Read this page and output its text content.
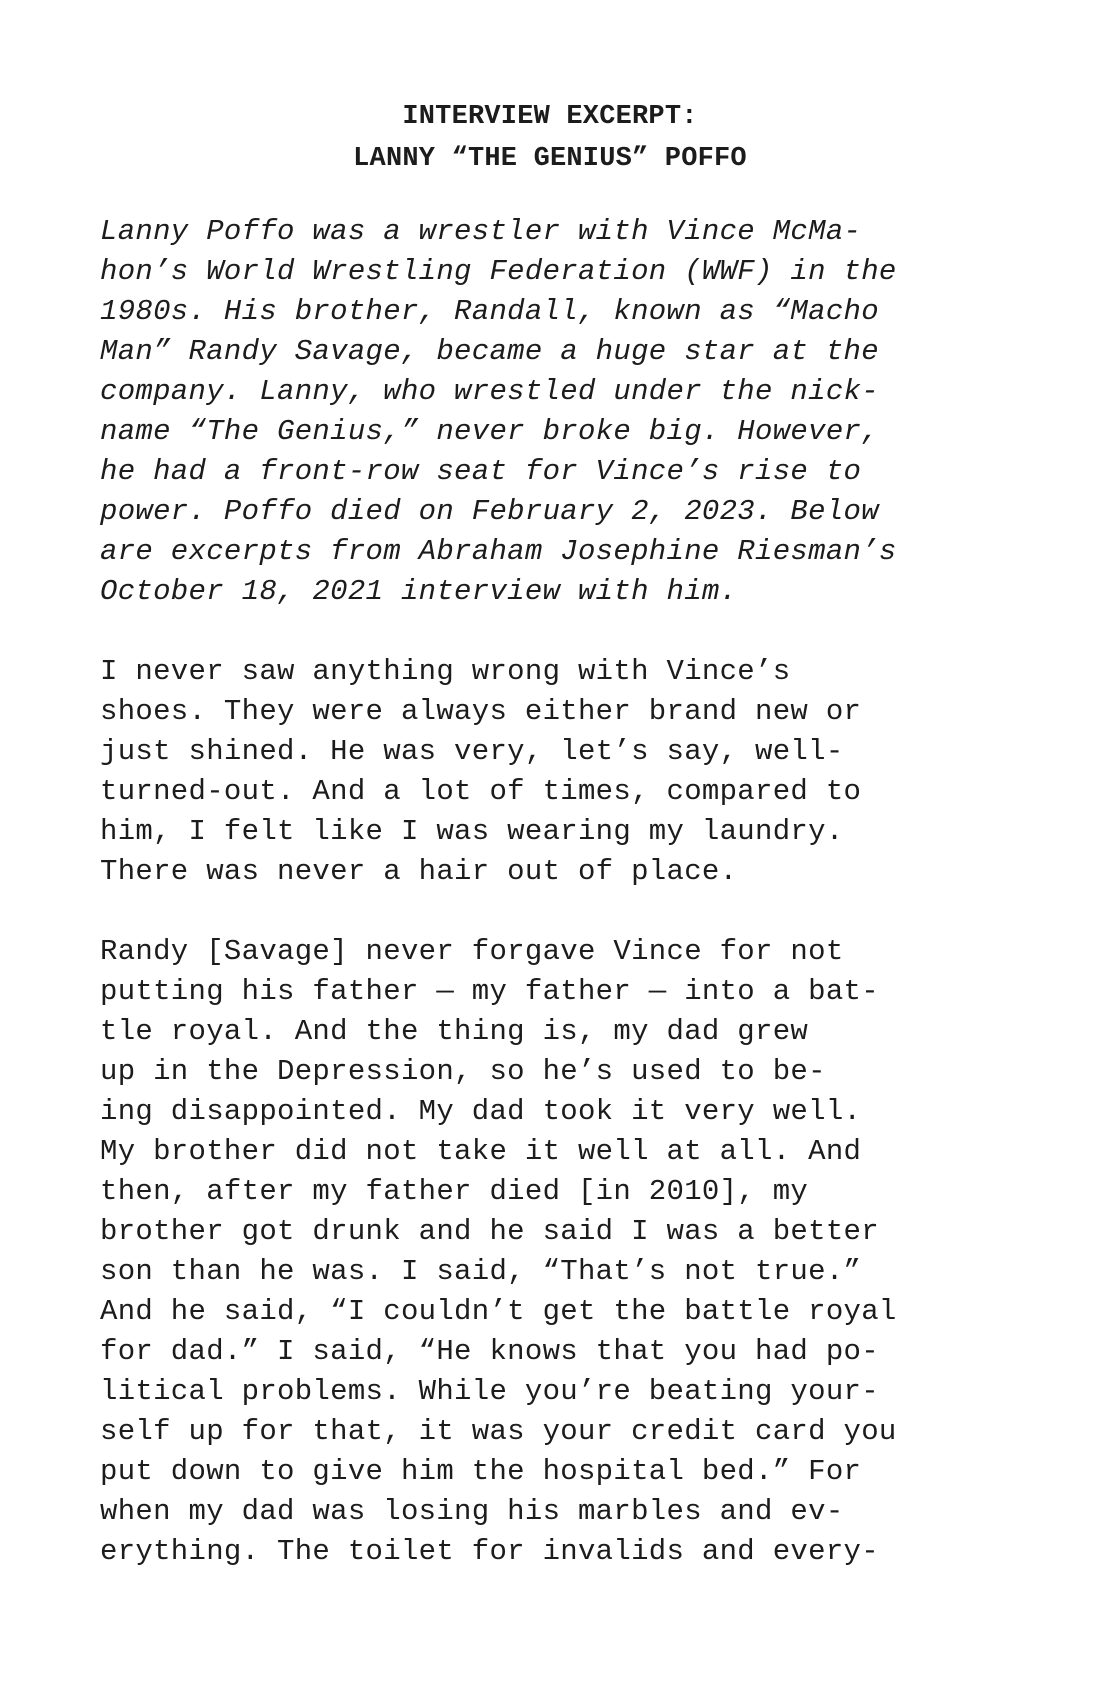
INTERVIEW EXCERPT:
LANNY “THE GENIUS” POFFO
Lanny Poffo was a wrestler with Vince McMa-
hon’s World Wrestling Federation (WWF) in the
1980s. His brother, Randall, known as “Macho
Man” Randy Savage, became a huge star at the
company. Lanny, who wrestled under the nick-
name “The Genius,” never broke big. However,
he had a front-row seat for Vince’s rise to
power. Poffo died on February 2, 2023. Below
are excerpts from Abraham Josephine Riesman’s
October 18, 2021 interview with him.
I never saw anything wrong with Vince’s
shoes. They were always either brand new or
just shined. He was very, let’s say, well-
turned-out. And a lot of times, compared to
him, I felt like I was wearing my laundry.
There was never a hair out of place.
Randy [Savage] never forgave Vince for not
putting his father — my father — into a bat-
tle royal. And the thing is, my dad grew
up in the Depression, so he’s used to be-
ing disappointed. My dad took it very well.
My brother did not take it well at all. And
then, after my father died [in 2010], my
brother got drunk and he said I was a better
son than he was. I said, “That’s not true.”
And he said, “I couldn’t get the battle royal
for dad.” I said, “He knows that you had po-
litical problems. While you’re beating your-
self up for that, it was your credit card you
put down to give him the hospital bed.” For
when my dad was losing his marbles and ev-
erything. The toilet for invalids and every-
